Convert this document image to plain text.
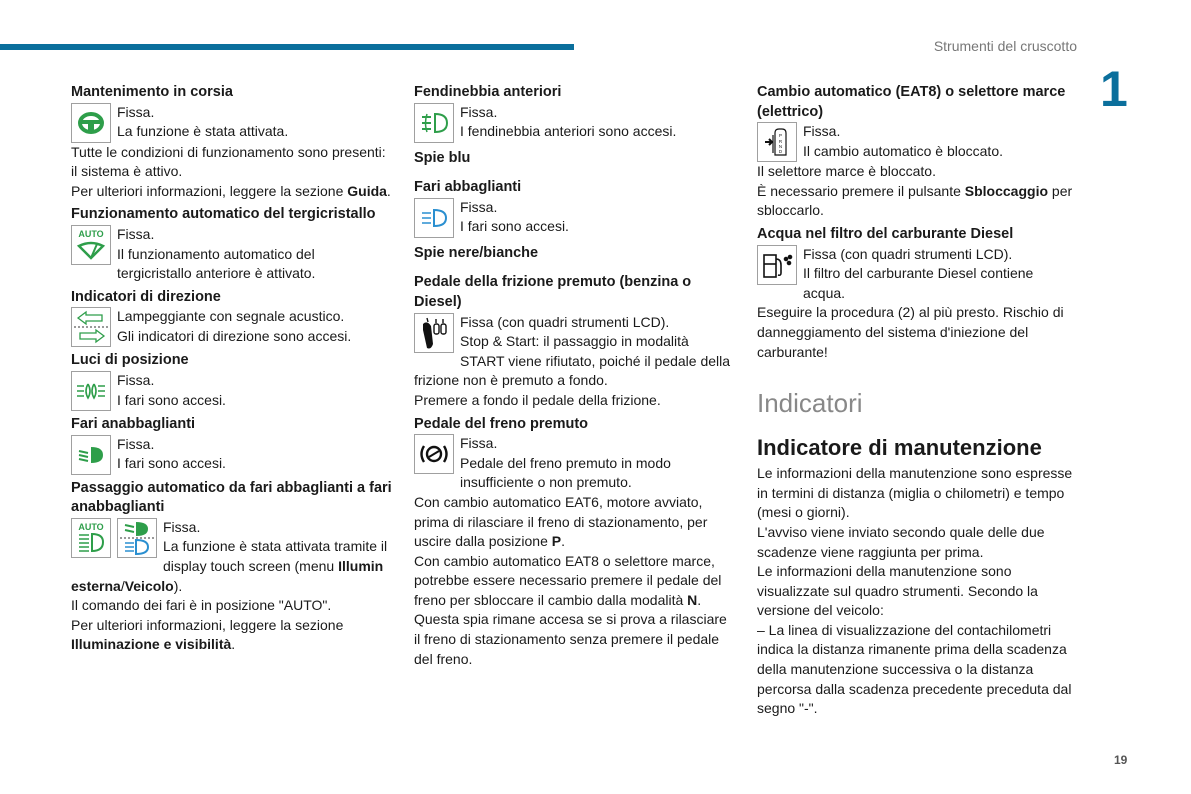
Strumenti del cruscotto
1
19
Mantenimento in corsia

Fissa.

La funzione è stata attivata.

Tutte le condizioni di funzionamento sono presenti: il sistema è attivo.

Per ulteriori informazioni, leggere la sezione Guida.

Funzionamento automatico del tergicristallo
AUTO Fissa.

Il funzionamento automatico del tergicristallo anteriore è attivato.

Indicatori di direzione

Lampeggiante con segnale acustico.

Gli indicatori di direzione sono accesi.

Luci di posizione

Fissa.

I fari sono accesi.

Fari anabbaglianti

Fissa.

I fari sono accesi.

Passaggio automatico da fari abbaglianti a fari anabbaglianti
AUTO	Fissa.

La funzione è stata attivata tramite il display touch screen (menu Illumin esterna/Veicolo).

Il comando dei fari è in posizione "AUTO".

Per ulteriori informazioni, leggere la sezione Illuminazione e visibilità.

Fendinebbia anteriori

Fissa.

I fendinebbia anteriori sono accesi.

Spie blu
Fari abbaglianti

Fissa.

I fari sono accesi.

Spie nere/bianche
Pedale della frizione premuto (benzina o Diesel)

Fissa (con quadri strumenti LCD).

Stop & Start: il passaggio in modalità START viene rifiutato, poiché il pedale della frizione non è premuto a fondo.

Premere a fondo il pedale della frizione.

Pedale del freno premuto

Fissa.

Pedale del freno premuto in modo insufficiente o non premuto.

Con cambio automatico EAT6, motore avviato, prima di rilasciare il freno di stazionamento, per uscire dalla posizione P.

Con cambio automatico EAT8 o selettore marce, potrebbe essere necessario premere il pedale del freno per sbloccare il cambio dalla modalità N.

Questa spia rimane accesa se si prova a rilasciare il freno di stazionamento senza premere il pedale del freno.

Cambio automatico (EAT8) o selettore marce (elettrico)
P
R
N
D

Fissa.

Il cambio automatico è bloccato.

Il selettore marce è bloccato.

È necessario premere il pulsante Sbloccaggio per sbloccarlo.

Acqua nel filtro del carburante Diesel

Fissa (con quadri strumenti LCD).

Il filtro del carburante Diesel contiene acqua.

Eseguire la procedura (2) al più presto. Rischio di danneggiamento del sistema d'iniezione del carburante!

Indicatori
Indicatore di manutenzione

Le informazioni della manutenzione sono espresse in termini di distanza (miglia o chilometri) e tempo (mesi o giorni).

L'avviso viene inviato secondo quale delle due scadenze viene raggiunta per prima.

Le informazioni della manutenzione sono visualizzate sul quadro strumenti. Secondo la versione del veicolo:

– La linea di visualizzazione del contachilometri indica la distanza rimanente prima della scadenza della manutenzione successiva o la distanza percorsa dalla scadenza precedente preceduta dal segno "-".
